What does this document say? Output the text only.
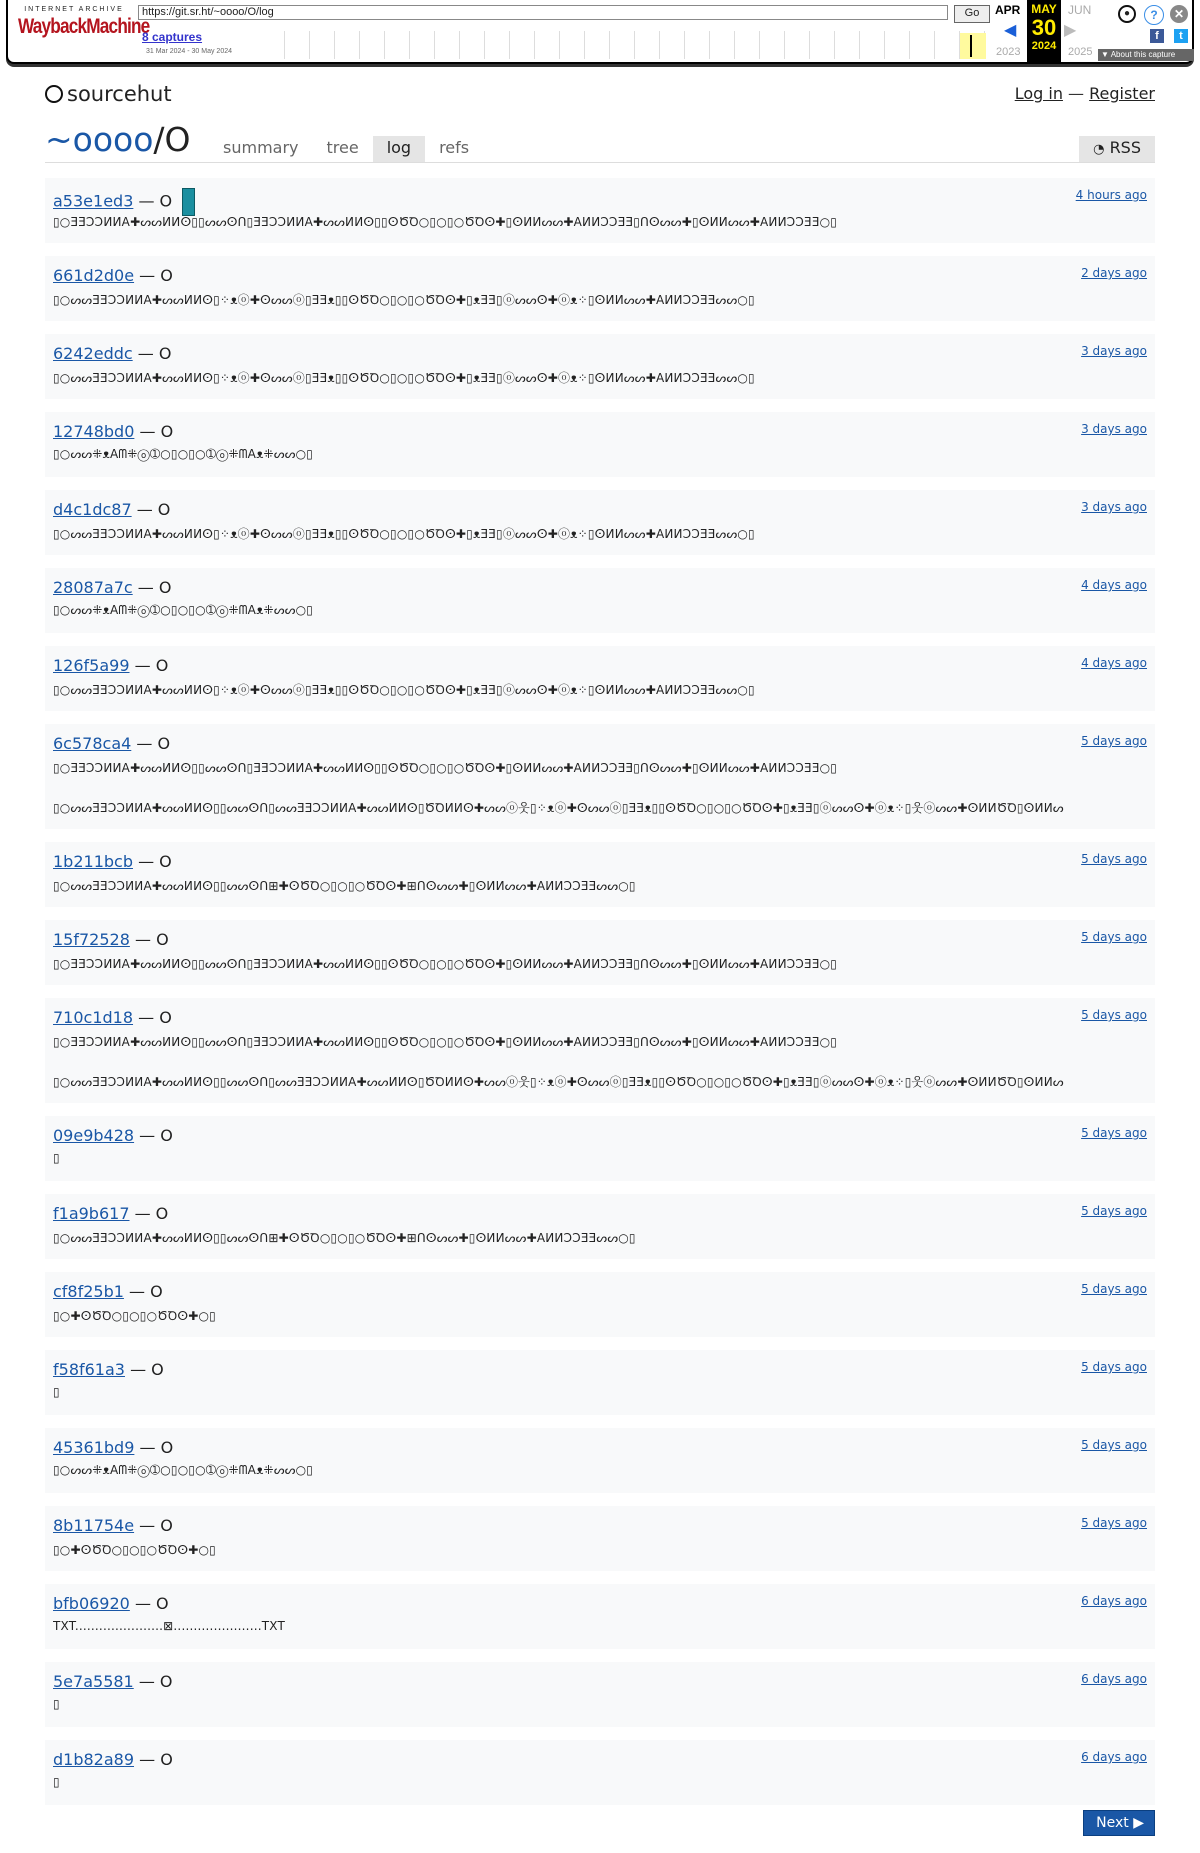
INTERNET ARCHIVE
WaybackMachine
https://git.sr.ht/~oooo/O/log	Go
8 captures
31 Mar 2024 - 30 May 2024
APR
◀
MAY
30
2024
▶
JUN
2023	2025
●	?	✕
f	t
▼ About this capture
sourcehut	Log in — Register
~oooo/O	summary	tree	log	refs	◔ RSS
a53e1ed3 — O	4 hours ago
▯○ƎƎƆƆИИA✚ᔕᔕИИⵙ▯▯ᔕᔕⵙᑎ▯ƎƎƆƆИИA✚ᔕᔕИИⵙ▯▯ⵙԾꝹ○▯○▯○ԾꝹⵙ✚▯ⵙИИᔕᔕ✚AИИƆƆƎƎ▯ᑎⵙᔕᔕ✚▯ⵙИИᔕᔕ✚AИИƆƆƎƎ○▯
661d2d0e — O	2 days ago
▯○ᔕᔕƎƎƆƆИИA✚ᔕᔕИИⵙ▯⁘ᴥⓞ✚ⵙᔕᔕⓞ▯ƎƎᴥ▯▯ⵙԾꝹ○▯○▯○ԾꝹⵙ✚▯ᴥƎƎ▯ⓞᔕᔕⵙ✚ⓞᴥ⁘▯ⵙИИᔕᔕ✚AИИƆƆƎƎᔕᔕ○▯
6242eddc — O	3 days ago
▯○ᔕᔕƎƎƆƆИИA✚ᔕᔕИИⵙ▯⁘ᴥⓞ✚ⵙᔕᔕⓞ▯ƎƎᴥ▯▯ⵙԾꝹ○▯○▯○ԾꝹⵙ✚▯ᴥƎƎ▯ⓞᔕᔕⵙ✚ⓞᴥ⁘▯ⵙИИᔕᔕ✚AИИƆƆƎƎᔕᔕ○▯
12748bd0 — O	3 days ago
▯○ᔕᔕ⁜ᴥAᗰ⁜ⓞ➀○▯○▯○➀ⓞ⁜ᗰAᴥ⁜ᔕᔕ○▯
d4c1dc87 — O	3 days ago
▯○ᔕᔕƎƎƆƆИИA✚ᔕᔕИИⵙ▯⁘ᴥⓞ✚ⵙᔕᔕⓞ▯ƎƎᴥ▯▯ⵙԾꝹ○▯○▯○ԾꝹⵙ✚▯ᴥƎƎ▯ⓞᔕᔕⵙ✚ⓞᴥ⁘▯ⵙИИᔕᔕ✚AИИƆƆƎƎᔕᔕ○▯
28087a7c — O	4 days ago
▯○ᔕᔕ⁜ᴥAᗰ⁜ⓞ➀○▯○▯○➀ⓞ⁜ᗰAᴥ⁜ᔕᔕ○▯
126f5a99 — O	4 days ago
▯○ᔕᔕƎƎƆƆИИA✚ᔕᔕИИⵙ▯⁘ᴥⓞ✚ⵙᔕᔕⓞ▯ƎƎᴥ▯▯ⵙԾꝹ○▯○▯○ԾꝹⵙ✚▯ᴥƎƎ▯ⓞᔕᔕⵙ✚ⓞᴥ⁘▯ⵙИИᔕᔕ✚AИИƆƆƎƎᔕᔕ○▯
6c578ca4 — O	5 days ago
▯○ƎƎƆƆИИA✚ᔕᔕИИⵙ▯▯ᔕᔕⵙᑎ▯ƎƎƆƆИИA✚ᔕᔕИИⵙ▯▯ⵙԾꝹ○▯○▯○ԾꝹⵙ✚▯ⵙИИᔕᔕ✚AИИƆƆƎƎ▯ᑎⵙᔕᔕ✚▯ⵙИИᔕᔕ✚AИИƆƆƎƎ○▯
▯○ᔕᔕƎƎƆƆИИA✚ᔕᔕИИⵙ▯▯ᔕᔕⵙᑎ▯ᔕᔕƎƎƆƆИИA✚ᔕᔕИИⵙ▯ԾꝹИИⵙ✚ᔕᔕⓞ웃▯⁘ᴥⓞ✚ⵙᔕᔕⓞ▯ƎƎᴥ▯▯ⵙԾꝹ○▯○▯○ԾꝹⵙ✚▯ᴥƎƎ▯ⓞᔕᔕⵙ✚ⓞᴥ⁘▯웃ⓞᔕᔕ✚ⵙИИԾꝹ▯ⵙИИᔕ
1b211bcb — O	5 days ago
▯○ᔕᔕƎƎƆƆИИA✚ᔕᔕИИⵙ▯▯ᔕᔕⵙᑎ⊞✚ⵙԾꝹ○▯○▯○ԾꝹⵙ✚⊞ᑎⵙᔕᔕ✚▯ⵙИИᔕᔕ✚AИИƆƆƎƎᔕᔕ○▯
15f72528 — O	5 days ago
▯○ƎƎƆƆИИA✚ᔕᔕИИⵙ▯▯ᔕᔕⵙᑎ▯ƎƎƆƆИИA✚ᔕᔕИИⵙ▯▯ⵙԾꝹ○▯○▯○ԾꝹⵙ✚▯ⵙИИᔕᔕ✚AИИƆƆƎƎ▯ᑎⵙᔕᔕ✚▯ⵙИИᔕᔕ✚AИИƆƆƎƎ○▯
710c1d18 — O	5 days ago
▯○ƎƎƆƆИИA✚ᔕᔕИИⵙ▯▯ᔕᔕⵙᑎ▯ƎƎƆƆИИA✚ᔕᔕИИⵙ▯▯ⵙԾꝹ○▯○▯○ԾꝹⵙ✚▯ⵙИИᔕᔕ✚AИИƆƆƎƎ▯ᑎⵙᔕᔕ✚▯ⵙИИᔕᔕ✚AИИƆƆƎƎ○▯
▯○ᔕᔕƎƎƆƆИИA✚ᔕᔕИИⵙ▯▯ᔕᔕⵙᑎ▯ᔕᔕƎƎƆƆИИA✚ᔕᔕИИⵙ▯ԾꝹИИⵙ✚ᔕᔕⓞ웃▯⁘ᴥⓞ✚ⵙᔕᔕⓞ▯ƎƎᴥ▯▯ⵙԾꝹ○▯○▯○ԾꝹⵙ✚▯ᴥƎƎ▯ⓞᔕᔕⵙ✚ⓞᴥ⁘▯웃ⓞᔕᔕ✚ⵙИИԾꝹ▯ⵙИИᔕ
09e9b428 — O	5 days ago
▯
f1a9b617 — O	5 days ago
▯○ᔕᔕƎƎƆƆИИA✚ᔕᔕИИⵙ▯▯ᔕᔕⵙᑎ⊞✚ⵙԾꝹ○▯○▯○ԾꝹⵙ✚⊞ᑎⵙᔕᔕ✚▯ⵙИИᔕᔕ✚AИИƆƆƎƎᔕᔕ○▯
cf8f25b1 — O	5 days ago
▯○✚ⵙԾꝹ○▯○▯○ԾꝹⵙ✚○▯
f58f61a3 — O	5 days ago
▯
45361bd9 — O	5 days ago
▯○ᔕᔕ⁜ᴥAᗰ⁜ⓞ➀○▯○▯○➀ⓞ⁜ᗰAᴥ⁜ᔕᔕ○▯
8b11754e — O	5 days ago
▯○✚ⵙԾꝹ○▯○▯○ԾꝹⵙ✚○▯
bfb06920 — O	6 days ago
TXT......................⊠......................TXT
5e7a5581 — O	6 days ago
▯
d1b82a89 — O	6 days ago
▯
Next ▶
